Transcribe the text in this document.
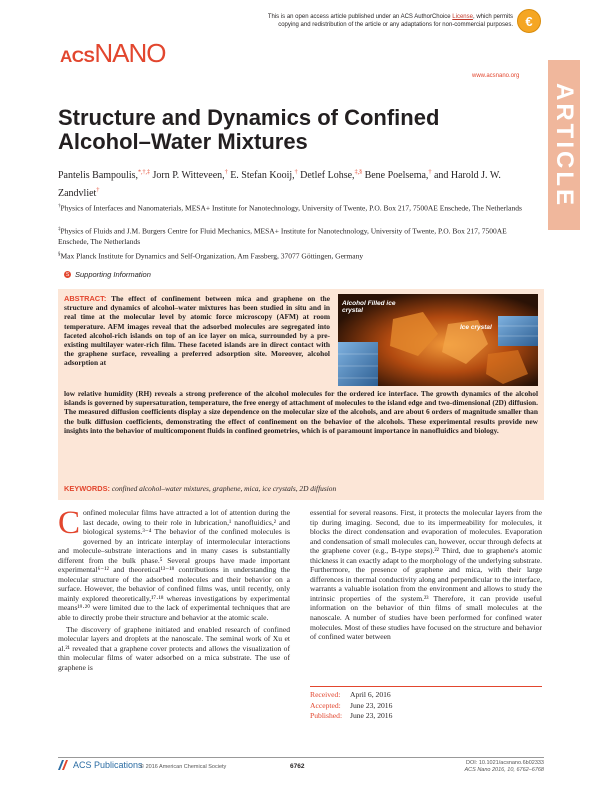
This is an open access article published under an ACS AuthorChoice License, which permits copying and redistribution of the article or any adaptations for non-commercial purposes. €
ACSNANO
www.acsnano.org
ARTICLE
Structure and Dynamics of Confined Alcohol–Water Mixtures
Pantelis Bampoulis,*,†,‡ Jorn P. Witteveen,† E. Stefan Kooij,† Detlef Lohse,‡,§ Bene Poelsema,† and Harold J. W. Zandvliet†
†Physics of Interfaces and Nanomaterials, MESA+ Institute for Nanotechnology, University of Twente, P.O. Box 217, 7500AE Enschede, The Netherlands
‡Physics of Fluids and J.M. Burgers Centre for Fluid Mechanics, MESA+ Institute for Nanotechnology, University of Twente, P.O. Box 217, 7500AE Enschede, The Netherlands
§Max Planck Institute for Dynamics and Self-Organization, Am Fassberg, 37077 Göttingen, Germany
S Supporting Information
ABSTRACT: The effect of confinement between mica and graphene on the structure and dynamics of alcohol–water mixtures has been studied in situ and in real time at the molecular level by atomic force microscopy (AFM) at room temperature. AFM images reveal that the adsorbed molecules are segregated into faceted alcohol-rich islands on top of an ice layer on mica, surrounded by a pre-existing multilayer water-rich film. These faceted islands are in direct contact with the graphene surface, revealing a preferred adsorption site. Moreover, alcohol adsorption at
Alcohol Filled ice crystal
Ice crystal
low relative humidity (RH) reveals a strong preference of the alcohol molecules for the ordered ice interface. The growth dynamics of the alcohol islands is governed by supersaturation, temperature, the free energy of attachment of molecules to the island edge and two-dimensional (2D) diffusion. The measured diffusion coefficients display a size dependence on the molecular size of the alcohols, and are about 6 orders of magnitude smaller than the bulk diffusion coefficients, demonstrating the effect of confinement on the behavior of the alcohols. These experimental results provide new insights into the behavior of multicomponent fluids in confined geometries, which is of paramount importance in nanofluidics and biology.
KEYWORDS: confined alcohol–water mixtures, graphene, mica, ice crystals, 2D diffusion

Confined molecular films have attracted a lot of attention during the last decade, owing to their role in lubrication,¹ nanofluidics,² and biological systems.³⁻⁴ The behavior of the confined molecules is governed by an intricate interplay of intermolecular interactions and molecule–substrate interactions and in many cases is substantially different from the bulk phase.⁵ Several groups have made important experimental⁶⁻¹² and theoretical¹³⁻¹⁸ contributions in understanding the molecular structure of the adsorbed molecules and their behavior on a surface. However, the behavior of confined films was, until recently, only mainly explored theoretically,¹⁷·¹⁸ whereas investigations by experimental means¹⁹·²⁰ were limited due to the lack of experimental techniques that are able to directly probe their structure and behavior at the atomic scale.

The discovery of graphene initiated and enabled research of confined molecular layers and droplets at the nanoscale. The seminal work of Xu et al.²¹ revealed that a graphene cover protects and allows the visualization of thin molecular films of water adsorbed on a mica substrate. The use of graphene is

essential for several reasons. First, it protects the molecular layers from the tip during imaging. Second, due to its impermeability for molecules, it blocks the direct condensation and evaporation of molecules. Evaporation and condensation of small molecules can, however, occur through defects at the graphene cover (e.g., B-type steps).²² Third, due to graphene's atomic thickness it can exactly adapt to the morphology of the underlying substrate. Furthermore, the presence of graphene and mica, with their large differences in thermal conductivity along and perpendicular to the interface, warrants a valuable isolation from the environment and allows to study the intrinsic properties of the system.²³ Therefore, it can provide useful information on the behavior of thin films of small molecules at the nanoscale. A number of studies have been performed for confined water molecules. Most of these studies have focused on the structure and behavior of confined water between

Received: April 6, 2016
Accepted: June 23, 2016
Published: June 23, 2016
ACS Publications
© 2016 American Chemical Society	6762	DOI: 10.1021/acsnano.6b02333
ACS Nano 2016, 10, 6762–6768
